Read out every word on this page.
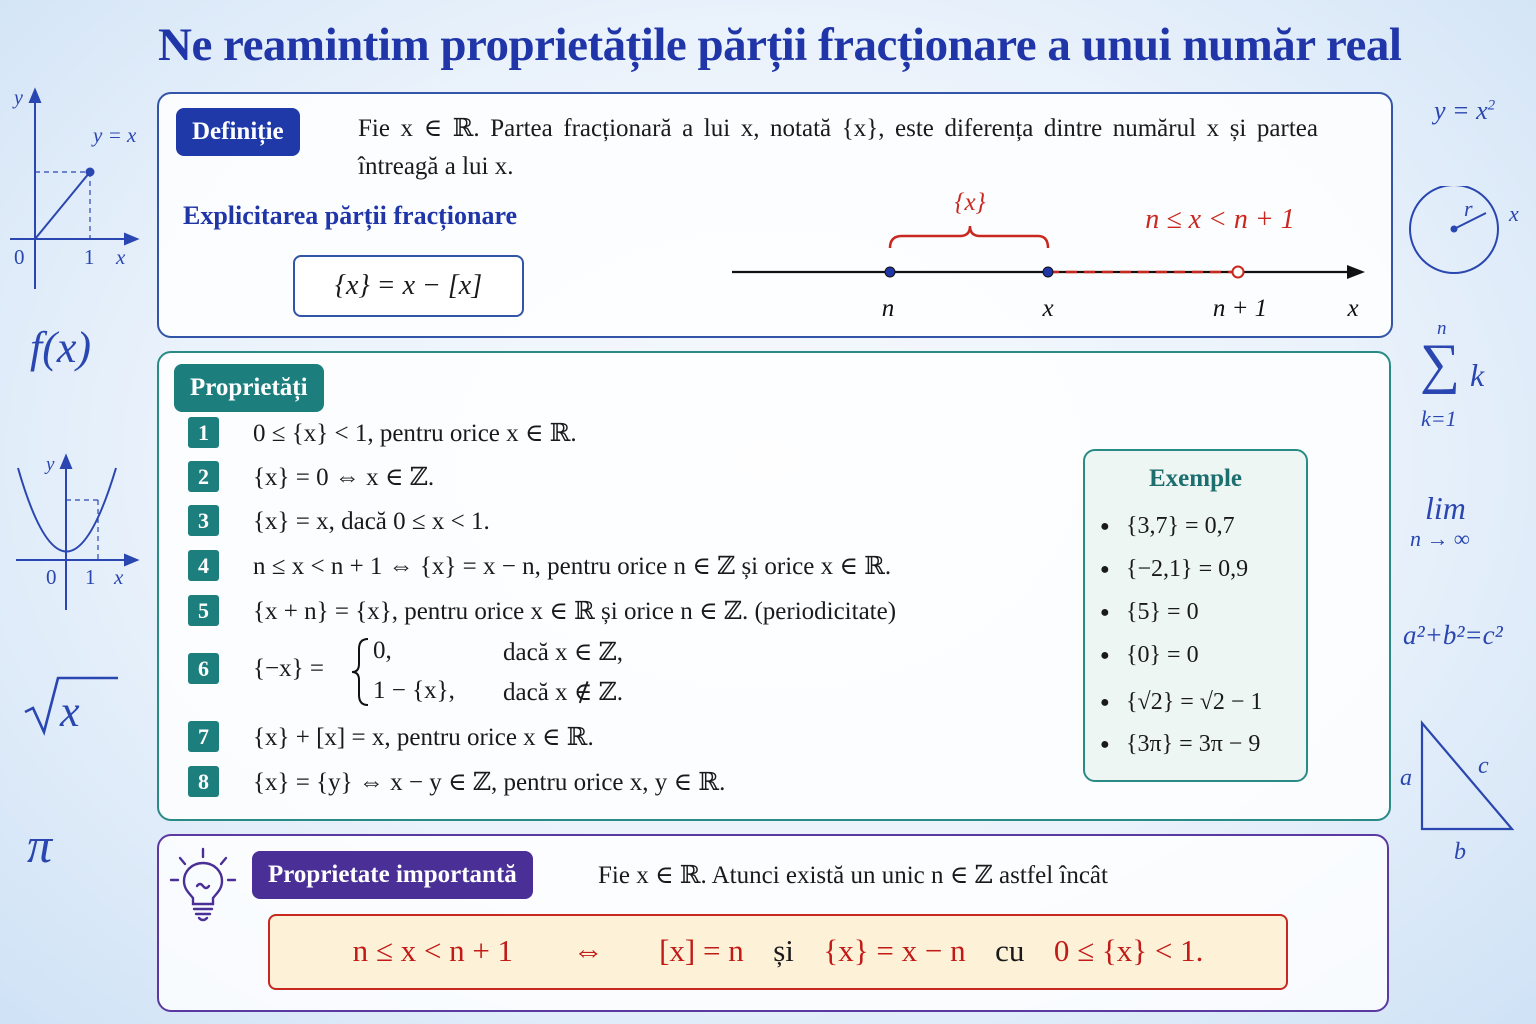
Ne reamintim proprietățile părții fracționare a unui număr real
Definiție	Fie x ∈ ℝ. Partea fracționară a lui x, notată {x}, este diferența dintre numărul x și partea întreagă a lui x.
Explicitarea părții fracționare
{x} = x − [x]
{x}
n ≤ x < n + 1
n	x	n + 1	x
Proprietăți
1 0 ≤ {x} < 1, pentru orice x ∈ ℝ.
2 {x} = 0 ⇔ x ∈ ℤ.
3 {x} = x, dacă 0 ≤ x < 1.
4 n ≤ x < n + 1 ⇔ {x} = x − n, pentru orice n ∈ ℤ și orice x ∈ ℝ.
5 {x + n} = {x}, pentru orice x ∈ ℝ și orice n ∈ ℤ. (periodicitate)
6	{−x} =
0,	dacă x ∈ ℤ,
1 − {x}, dacă x ∉ ℤ.
7 {x} + [x] = x, pentru orice x ∈ ℝ.
8 {x} = {y} ⇔ x − y ∈ ℤ, pentru orice x, y ∈ ℝ.
Exemple
● {3,7} = 0,7
● {−2,1} = 0,9
● {5} = 0
● {0} = 0
● {√2} = √2 − 1
● {3π} = 3π − 9
Proprietate importantă	Fie x ∈ ℝ. Atunci există un unic n ∈ ℤ astfel încât
n ≤ x < n + 1 ⇔ [x] = n și {x} = x − n cu 0 ≤ {x} < 1.
y
y = x
0	1 x
f(x)
y
0 1 x
x
π
$y = x^2$
r x
n
∑ k
k=1
lim
n → ∞
a²+b²=c²
a	c
b
